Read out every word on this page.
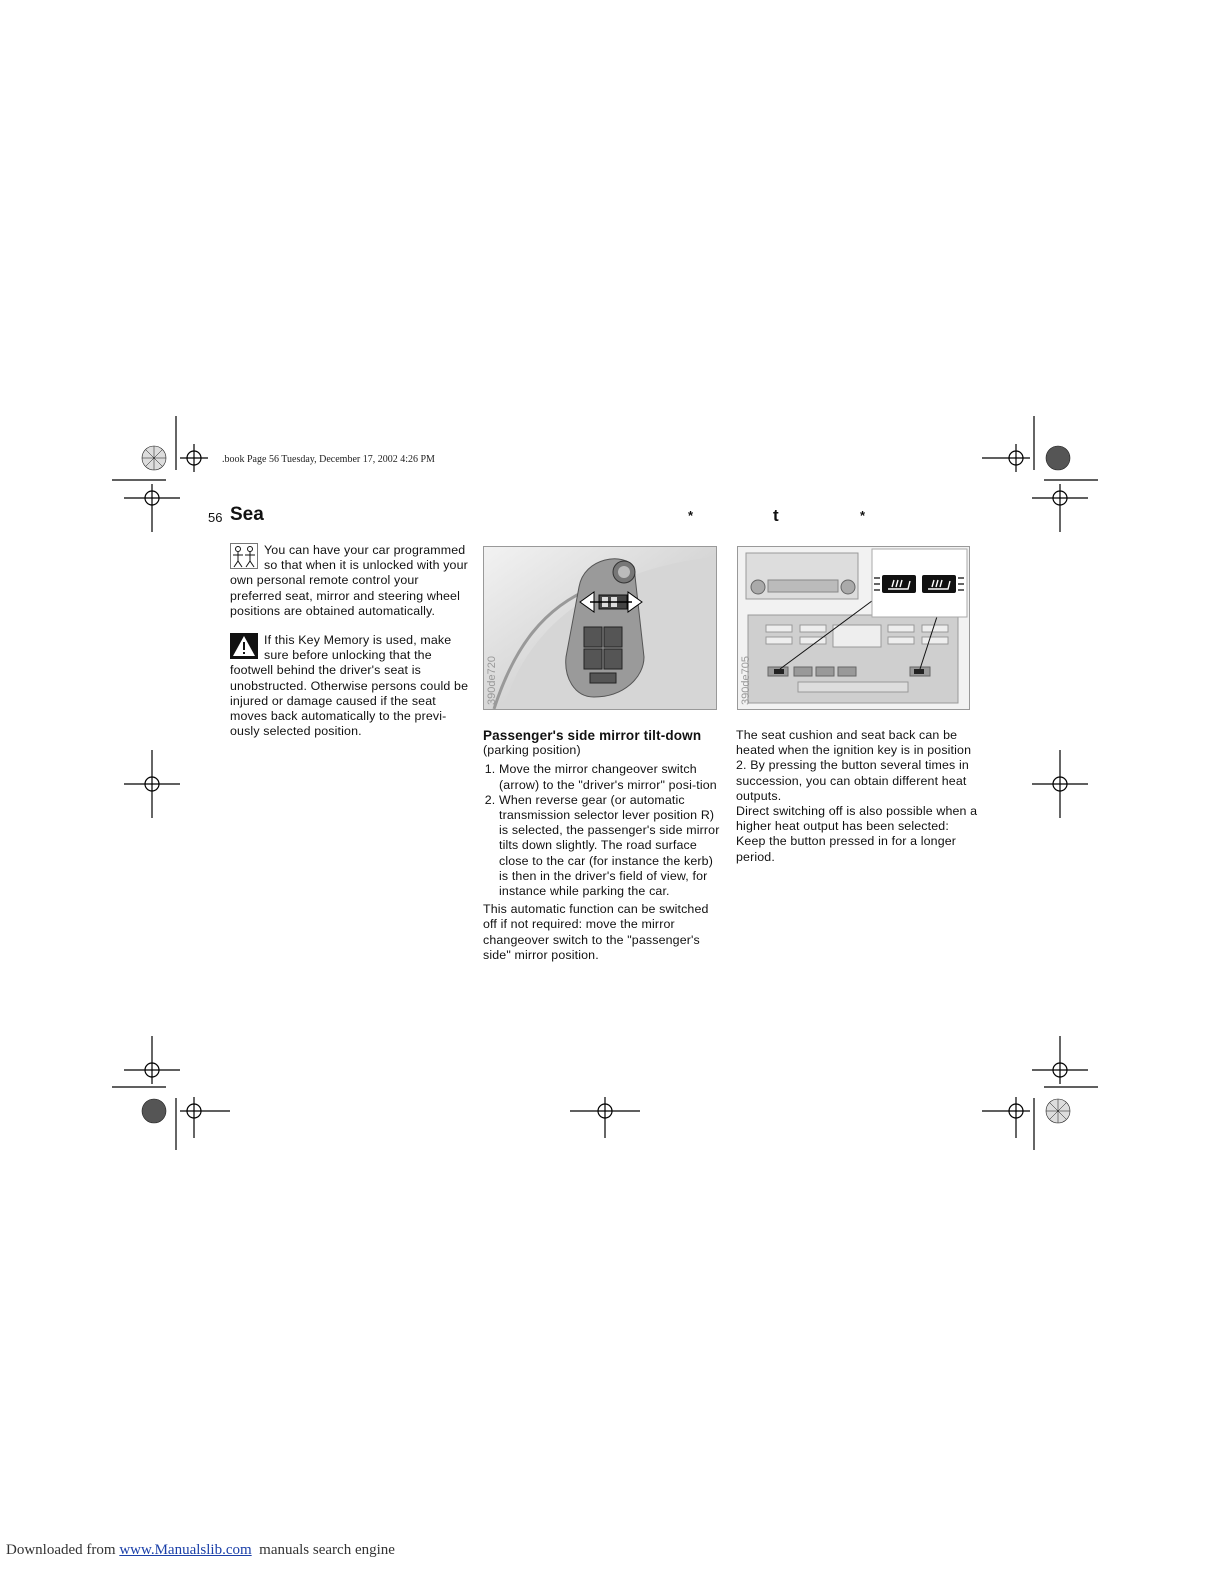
.book Page 56 Tuesday, December 17, 2002 4:26 PM
56 Sea	*	t	*

You can have your car programmed so that when it is unlocked with your own personal remote control your preferred seat, mirror and steering wheel positions are obtained automatically.

If this Key Memory is used, make sure before unlocking that the footwell behind the driver's seat is unobstructed. Otherwise persons could be injured or damage caused if the seat moves back automatically to the previ-ously selected position.

390de720	390de705

Passenger's side mirror tilt-down

(parking position)

1. Move the mirror changeover switch (arrow) to the "driver's mirror" posi-tion
2. When reverse gear (or automatic transmission selector lever position R) is selected, the passenger's side mirror tilts down slightly. The road surface close to the car (for instance the kerb) is then in the driver's field of view, for instance while parking the car.

This automatic function can be switched off if not required: move the mirror changeover switch to the "passenger's side" mirror position.

The seat cushion and seat back can be heated when the ignition key is in position 2. By pressing the button several times in succession, you can obtain different heat outputs.

Direct switching off is also possible when a higher heat output has been selected:

Keep the button pressed in for a longer period.

Downloaded from www.Manualslib.com  manuals search engine
